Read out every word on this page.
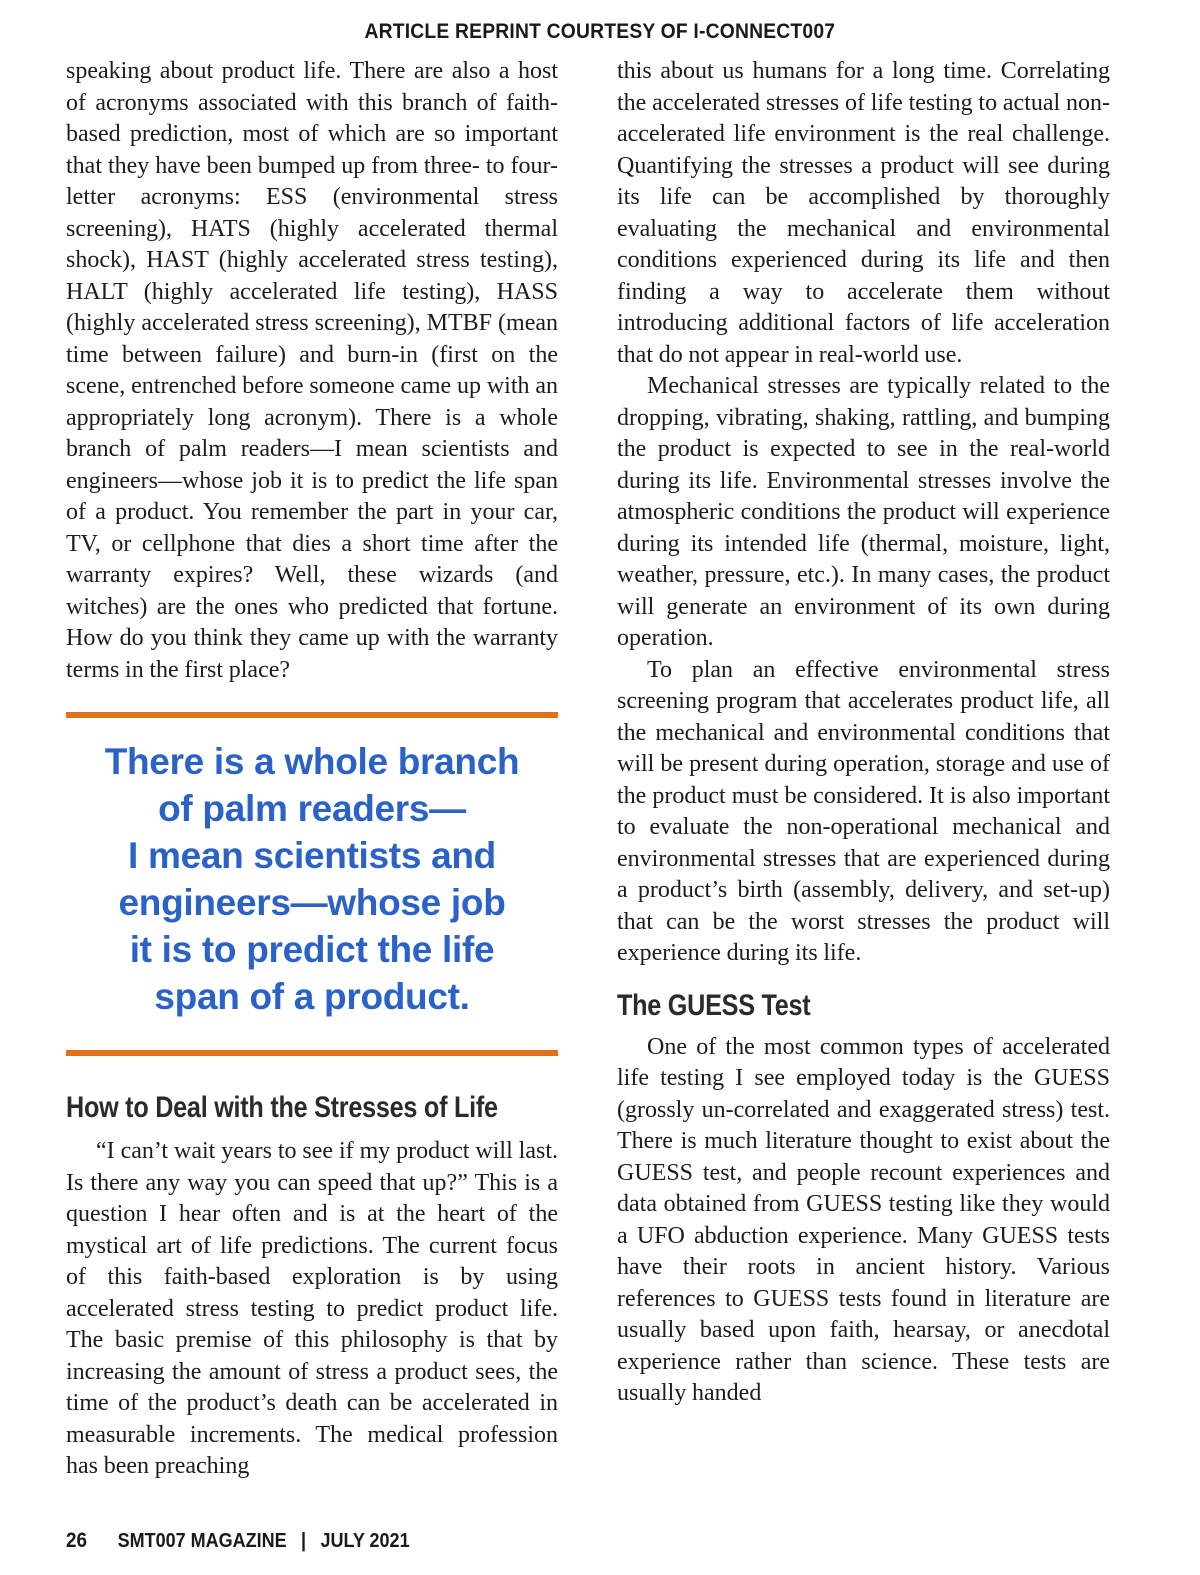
ARTICLE REPRINT COURTESY OF I-CONNECT007

speaking about product life. There are also a host of acronyms associated with this branch of faith-based prediction, most of which are so important that they have been bumped up from three- to four-letter acronyms: ESS (environmental stress screening), HATS (highly accelerated thermal shock), HAST (highly accelerated stress testing), HALT (highly accelerated life testing), HASS (highly accelerated stress screening), MTBF (mean time between failure) and burn-in (first on the scene, entrenched before someone came up with an appropriately long acronym). There is a whole branch of palm readers—I mean scientists and engineers—whose job it is to predict the life span of a product. You remember the part in your car, TV, or cellphone that dies a short time after the warranty expires? Well, these wizards (and witches) are the ones who predicted that fortune. How do you think they came up with the warranty terms in the first place?

There is a whole branch
of palm readers—
I mean scientists and
engineers—whose job
it is to predict the life
span of a product.
How to Deal with the Stresses of Life

“I can’t wait years to see if my product will last. Is there any way you can speed that up?” This is a question I hear often and is at the heart of the mystical art of life predictions. The current focus of this faith-based exploration is by using accelerated stress testing to predict product life. The basic premise of this philosophy is that by increasing the amount of stress a product sees, the time of the product’s death can be accelerated in measurable increments. The medical profession has been preaching

this about us humans for a long time. Correlating the accelerated stresses of life testing to actual non-accelerated life environment is the real challenge. Quantifying the stresses a product will see during its life can be accomplished by thoroughly evaluating the mechanical and environmental conditions experienced during its life and then finding a way to accelerate them without introducing additional factors of life acceleration that do not appear in real-world use.

Mechanical stresses are typically related to the dropping, vibrating, shaking, rattling, and bumping the product is expected to see in the real-world during its life. Environmental stresses involve the atmospheric conditions the product will experience during its intended life (thermal, moisture, light, weather, pressure, etc.). In many cases, the product will generate an environment of its own during operation.

To plan an effective environmental stress screening program that accelerates product life, all the mechanical and environmental conditions that will be present during operation, storage and use of the product must be considered. It is also important to evaluate the non-operational mechanical and environmental stresses that are experienced during a product’s birth (assembly, delivery, and set-up) that can be the worst stresses the product will experience during its life.

The GUESS Test

One of the most common types of accelerated life testing I see employed today is the GUESS (grossly un-correlated and exaggerated stress) test. There is much literature thought to exist about the GUESS test, and people recount experiences and data obtained from GUESS testing like they would a UFO abduction experience. Many GUESS tests have their roots in ancient history. Various references to GUESS tests found in literature are usually based upon faith, hearsay, or anecdotal experience rather than science. These tests are usually handed

26 SMT007 MAGAZINE | JULY 2021
